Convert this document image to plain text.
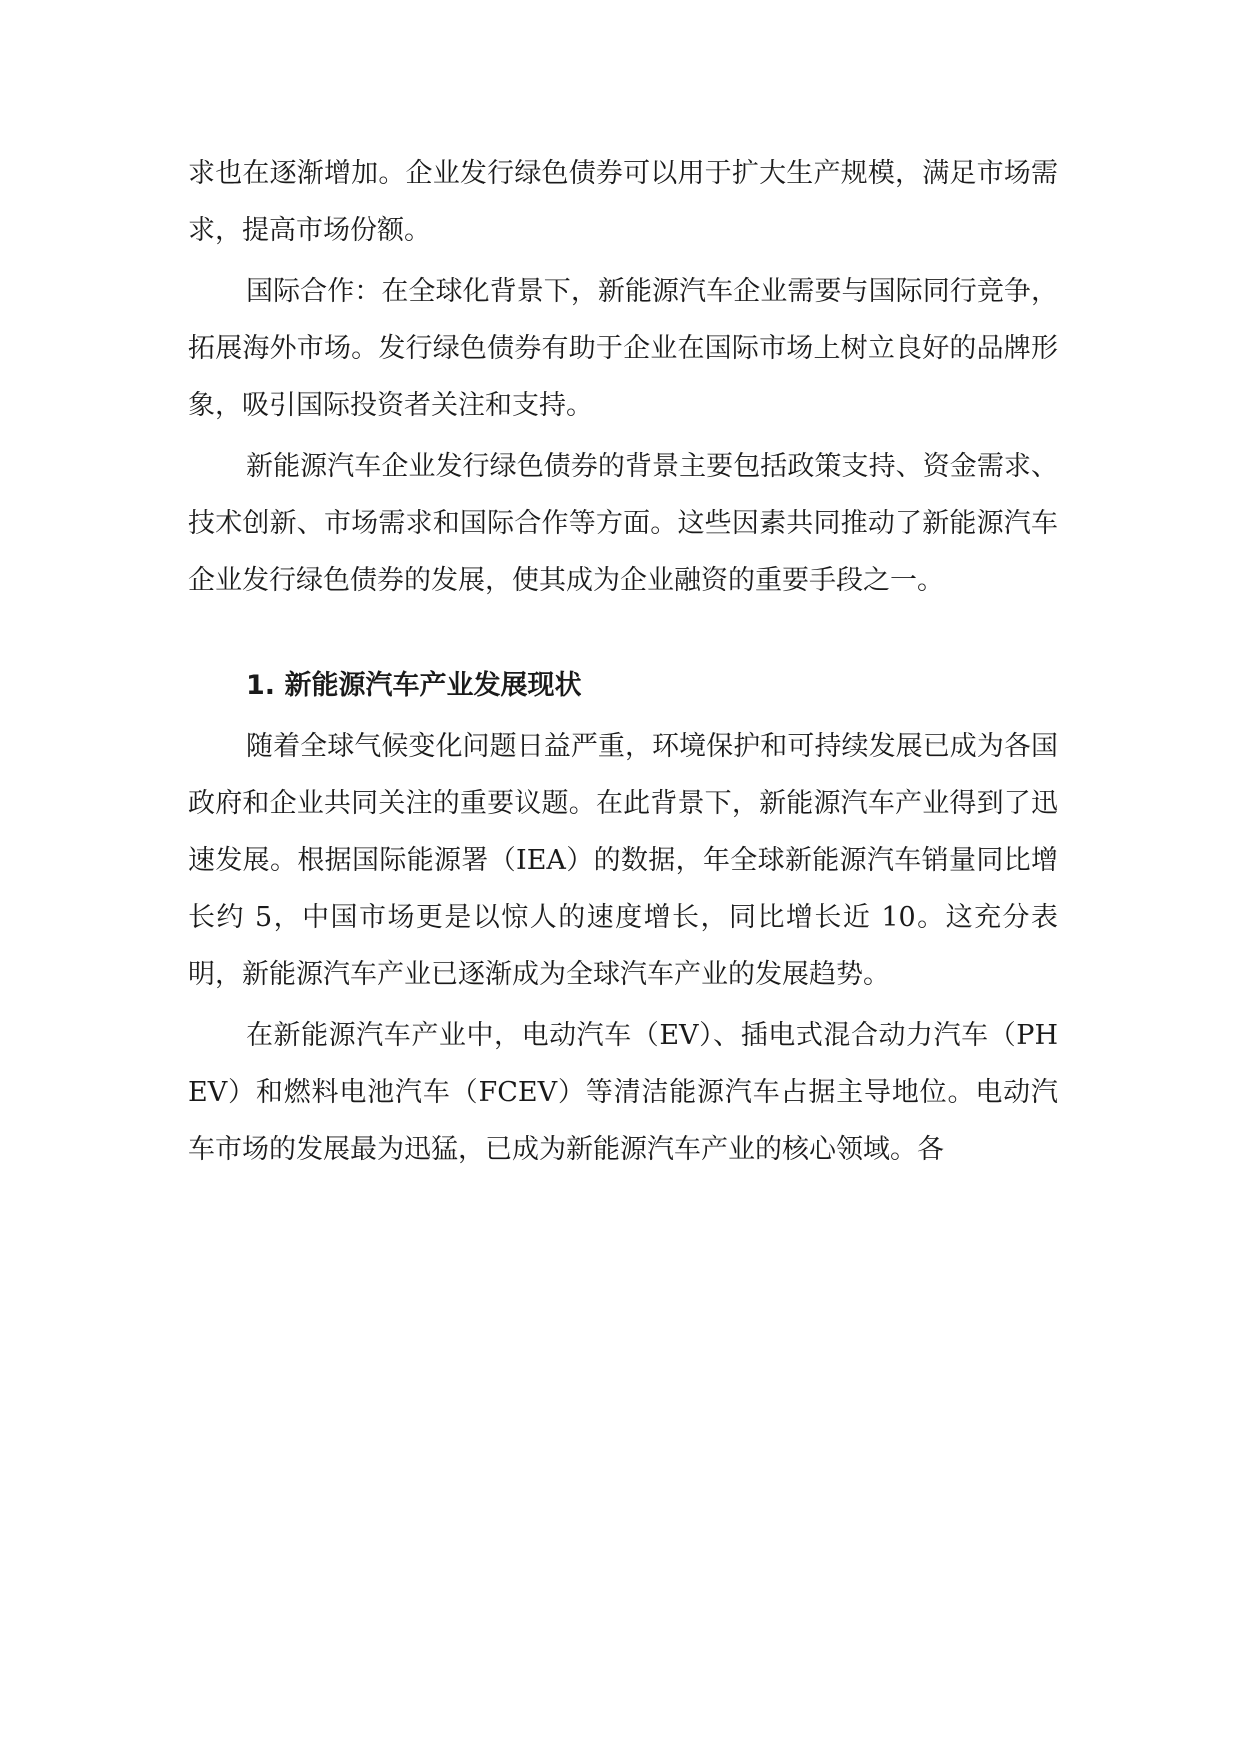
求也在逐渐增加。企业发行绿色债券可以用于扩大生产规模，满足市场需求，提高市场份额。

国际合作：在全球化背景下，新能源汽车企业需要与国际同行竞争，拓展海外市场。发行绿色债券有助于企业在国际市场上树立良好的品牌形象，吸引国际投资者关注和支持。

新能源汽车企业发行绿色债券的背景主要包括政策支持、资金需求、技术创新、市场需求和国际合作等方面。这些因素共同推动了新能源汽车企业发行绿色债券的发展，使其成为企业融资的重要手段之一。

1. 新能源汽车产业发展现状

随着全球气候变化问题日益严重，环境保护和可持续发展已成为各国政府和企业共同关注的重要议题。在此背景下，新能源汽车产业得到了迅速发展。根据国际能源署（IEA）的数据，年全球新能源汽车销量同比增长约 5，中国市场更是以惊人的速度增长，同比增长近 10。这充分表明，新能源汽车产业已逐渐成为全球汽车产业的发展趋势。

在新能源汽车产业中，电动汽车（EV）、插电式混合动力汽车（PHEV）和燃料电池汽车（FCEV）等清洁能源汽车占据主导地位。电动汽车市场的发展最为迅猛，已成为新能源汽车产业的核心领域。各
